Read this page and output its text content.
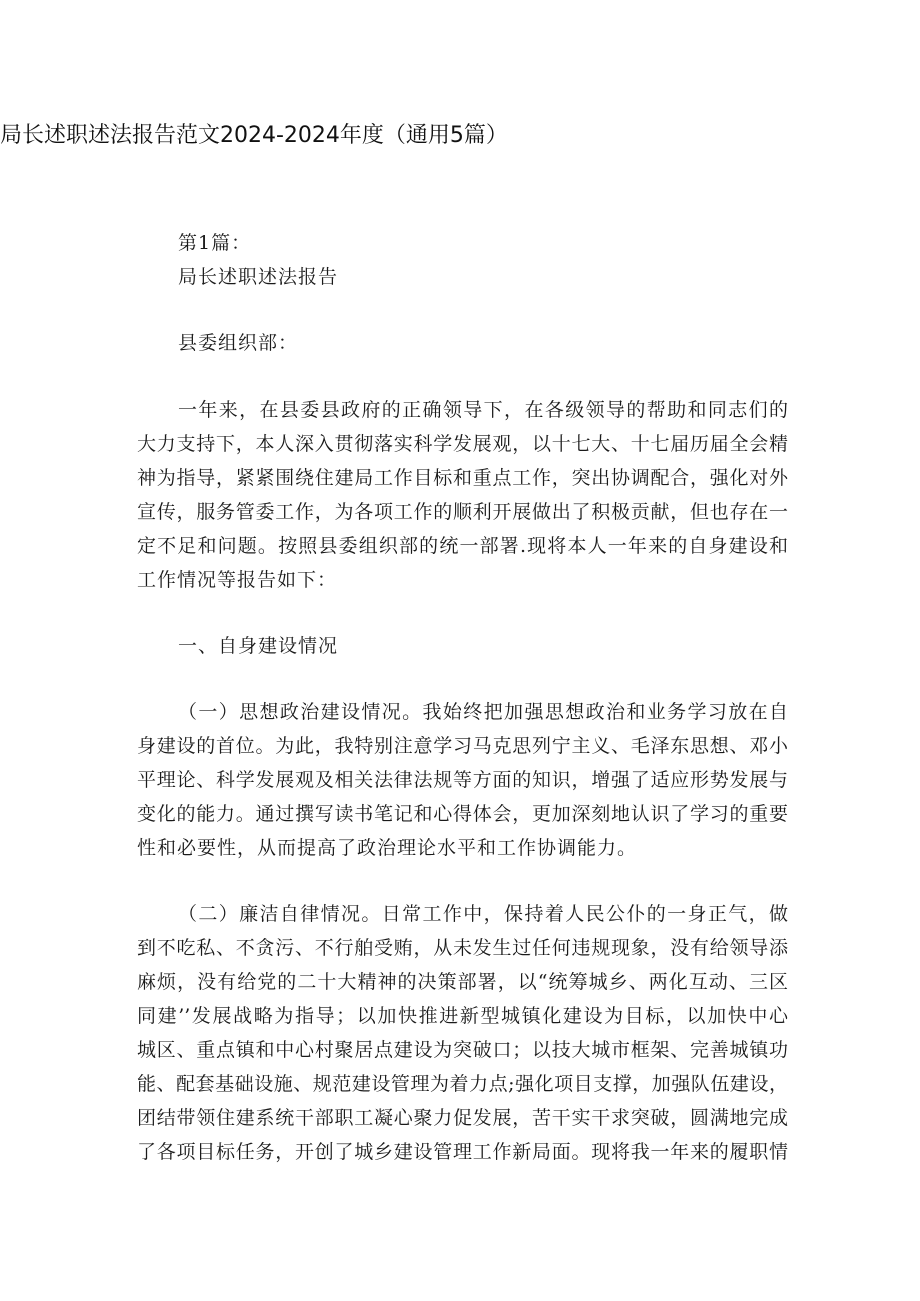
局长述职述法报告范文2024-2024年度（通用5篇）
第1篇：
局长述职述法报告
县委组织部：
一年来，在县委县政府的正确领导下，在各级领导的帮助和同志们的
大力支持下，本人深入贯彻落实科学发展观，以十七大、十七届历届全会精
神为指导，紧紧围绕住建局工作目标和重点工作，突出协调配合，强化对外
宣传，服务管委工作，为各项工作的顺利开展做出了积极贡献，但也存在一
定不足和问题。按照县委组织部的统一部署.现将本人一年来的自身建设和
工作情况等报告如下：
一、自身建设情况
（一）思想政治建设情况。我始终把加强思想政治和业务学习放在自
身建设的首位。为此，我特别注意学习马克思列宁主义、毛泽东思想、邓小
平理论、科学发展观及相关法律法规等方面的知识，增强了适应形势发展与
变化的能力。通过撰写读书笔记和心得体会，更加深刻地认识了学习的重要
性和必要性，从而提高了政治理论水平和工作协调能力。
（二）廉洁自律情况。日常工作中，保持着人民公仆的一身正气，做
到不吃私、不贪污、不行舶受贿，从未发生过任何违规现象，没有给领导添
麻烦，没有给党的二十大精神的决策部署，以“统筹城乡、两化互动、三区
同建’’发展战略为指导；以加快推进新型城镇化建设为目标，以加快中心
城区、重点镇和中心村聚居点建设为突破口；以技大城市框架、完善城镇功
能、配套基础设施、规范建设管理为着力点;强化项目支撑，加强队伍建设，
团结带领住建系统干部职工凝心聚力促发展，苦干实干求突破，圆满地完成
了各项目标任务，开创了城乡建设管理工作新局面。现将我一年来的履职情
